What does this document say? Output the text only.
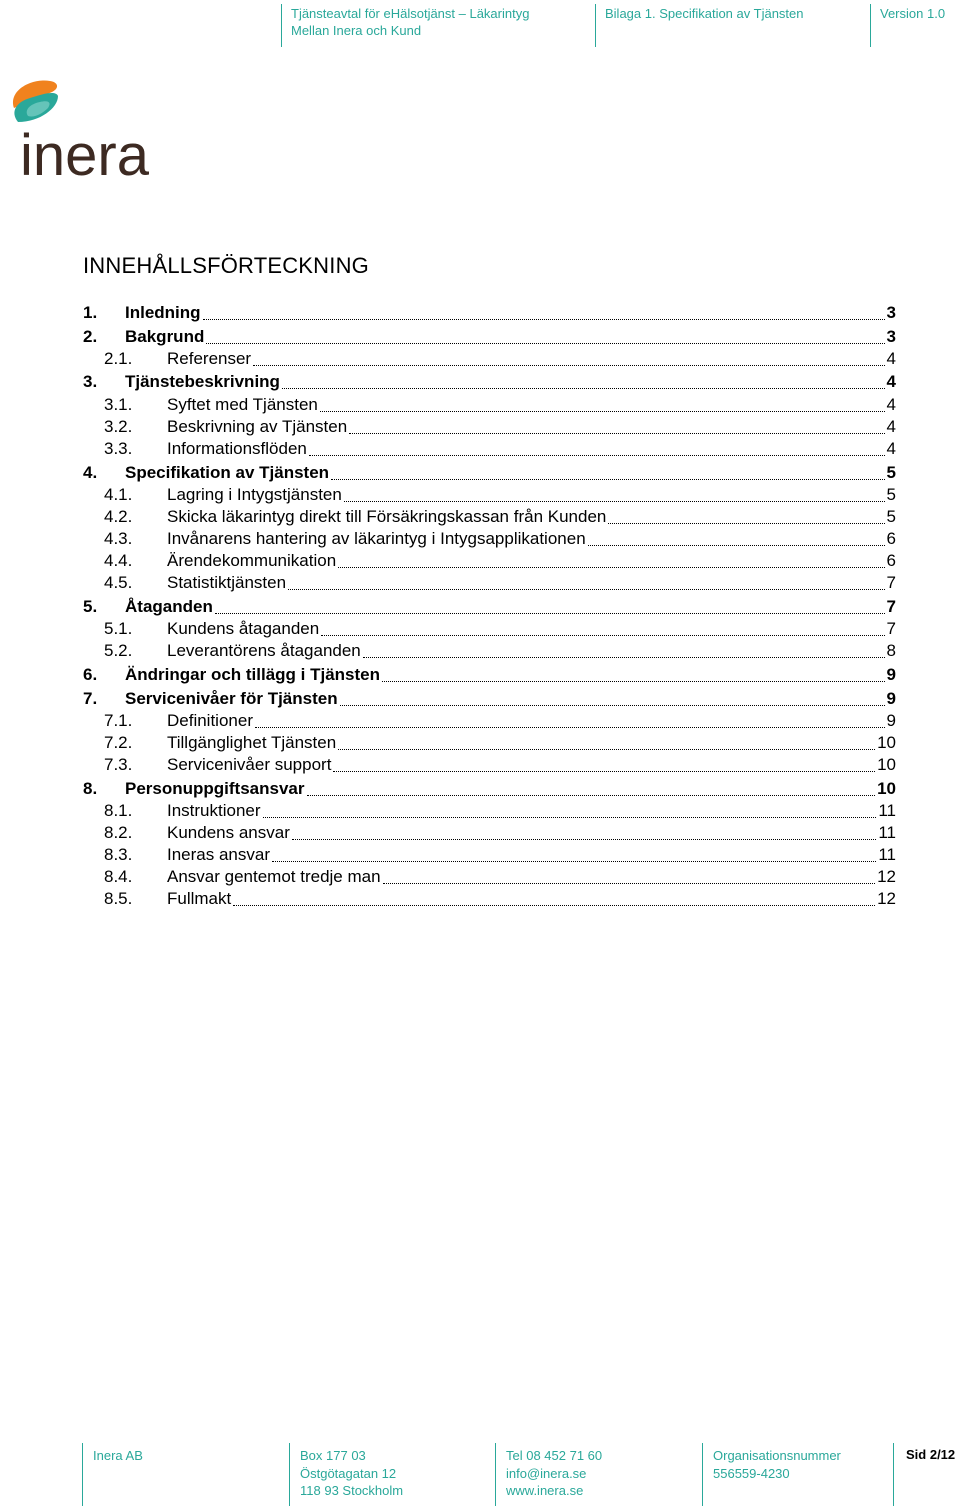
Tjänsteavtal för eHälsotjänst – Läkarintyg
Mellan Inera och Kund
Bilaga 1. Specifikation av Tjänsten	Version 1.0
inera
INNEHÅLLSFÖRTECKNING
1.	Inledning	3
2.	Bakgrund	3
2.1.	Referenser	4
3.	Tjänstebeskrivning	4
3.1.	Syftet med Tjänsten	4
3.2.	Beskrivning av Tjänsten	4
3.3.	Informationsflöden	4
4.	Specifikation av Tjänsten	5
4.1.	Lagring i Intygstjänsten	5
4.2.	Skicka läkarintyg direkt till Försäkringskassan från Kunden	5
4.3.	Invånarens hantering av läkarintyg i Intygsapplikationen	6
4.4.	Ärendekommunikation	6
4.5.	Statistiktjänsten	7
5.	Åtaganden	7
5.1.	Kundens åtaganden	7
5.2.	Leverantörens åtaganden	8
6.	Ändringar och tillägg i Tjänsten	9
7.	Servicenivåer för Tjänsten	9
7.1.	Definitioner	9
7.2.	Tillgänglighet Tjänsten	10
7.3.	Servicenivåer support	10
8.	Personuppgiftsansvar	10
8.1.	Instruktioner	11
8.2.	Kundens ansvar	11
8.3.	Ineras ansvar	11
8.4.	Ansvar gentemot tredje man	12
8.5.	Fullmakt	12
Inera AB	Box 177 03
Östgötagatan 12
118 93 Stockholm
Tel 08 452 71 60
info@inera.se
www.inera.se
Organisationsnummer
556559-4230
Sid 2/12
